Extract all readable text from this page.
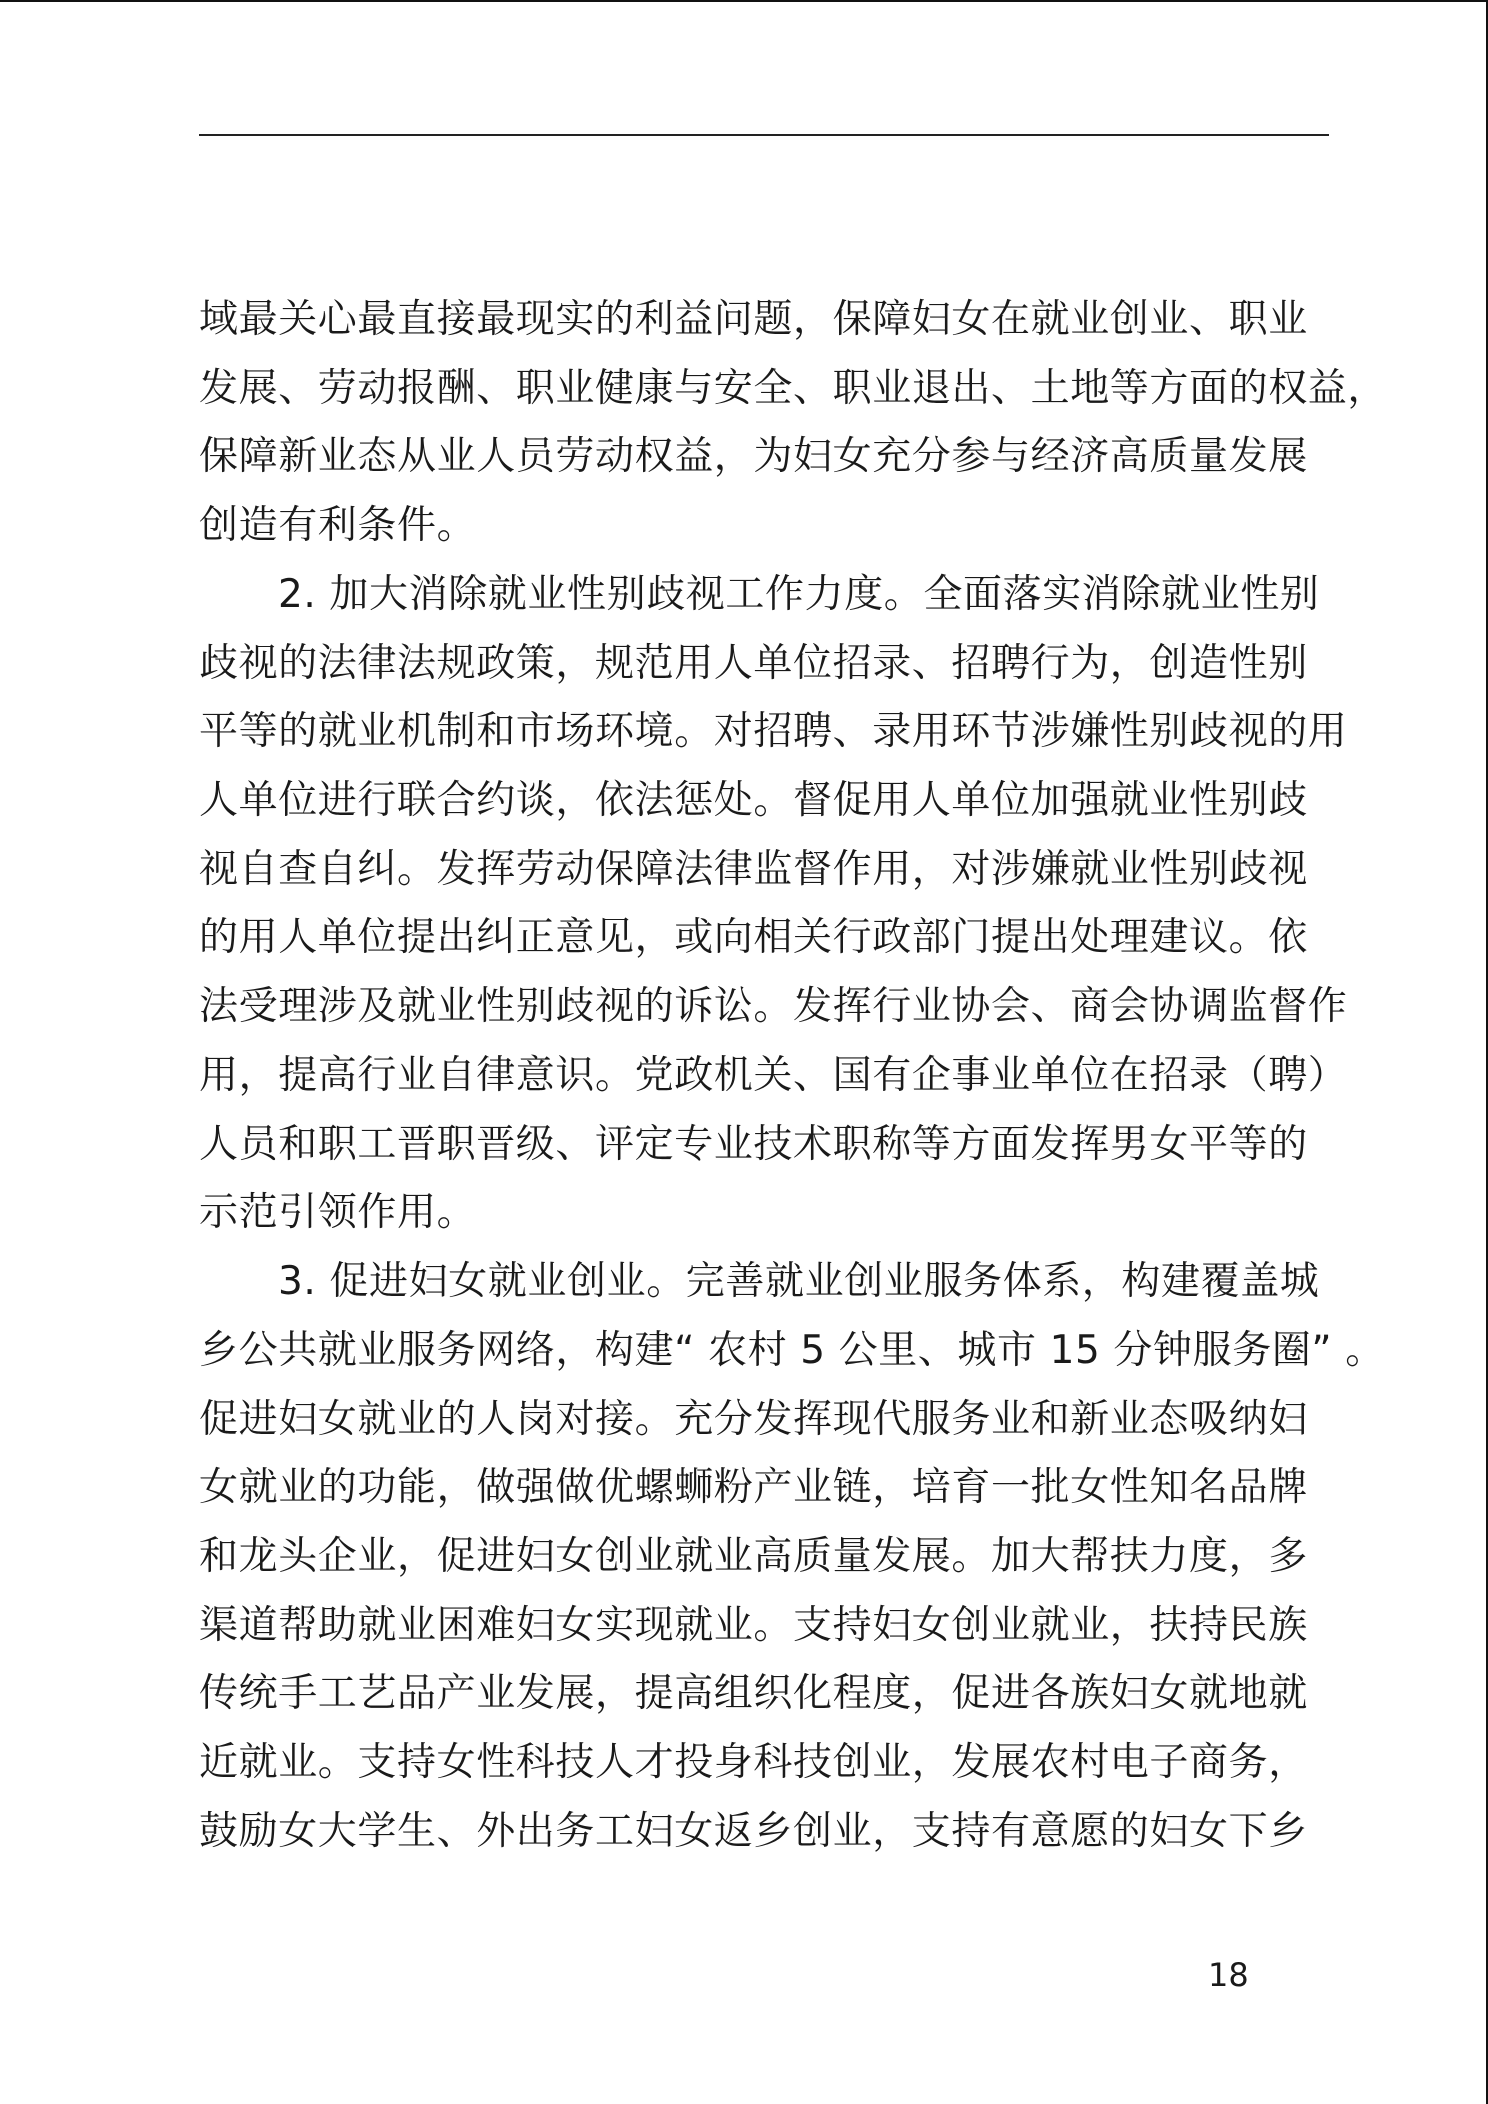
域最关心最直接最现实的利益问题，保障妇女在就业创业、职业
发展、劳动报酬、职业健康与安全、职业退出、土地等方面的权益，
保障新业态从业人员劳动权益，为妇女充分参与经济高质量发展
创造有利条件。
2. 加大消除就业性别歧视工作力度。全面落实消除就业性别
歧视的法律法规政策，规范用人单位招录、招聘行为，创造性别
平等的就业机制和市场环境。对招聘、录用环节涉嫌性别歧视的用
人单位进行联合约谈，依法惩处。督促用人单位加强就业性别歧
视自查自纠。发挥劳动保障法律监督作用，对涉嫌就业性别歧视
的用人单位提出纠正意见，或向相关行政部门提出处理建议。依
法受理涉及就业性别歧视的诉讼。发挥行业协会、商会协调监督作
用，提高行业自律意识。党政机关、国有企事业单位在招录（聘）
人员和职工晋职晋级、评定专业技术职称等方面发挥男女平等的
示范引领作用。
3. 促进妇女就业创业。完善就业创业服务体系，构建覆盖城
乡公共就业服务网络，构建“ 农村 5 公里、城市 15 分钟服务圈” 。
促进妇女就业的人岗对接。充分发挥现代服务业和新业态吸纳妇
女就业的功能，做强做优螺蛳粉产业链，培育一批女性知名品牌
和龙头企业，促进妇女创业就业高质量发展。加大帮扶力度，多
渠道帮助就业困难妇女实现就业。支持妇女创业就业，扶持民族
传统手工艺品产业发展，提高组织化程度，促进各族妇女就地就
近就业。支持女性科技人才投身科技创业，发展农村电子商务，
鼓励女大学生、外出务工妇女返乡创业，支持有意愿的妇女下乡
18
